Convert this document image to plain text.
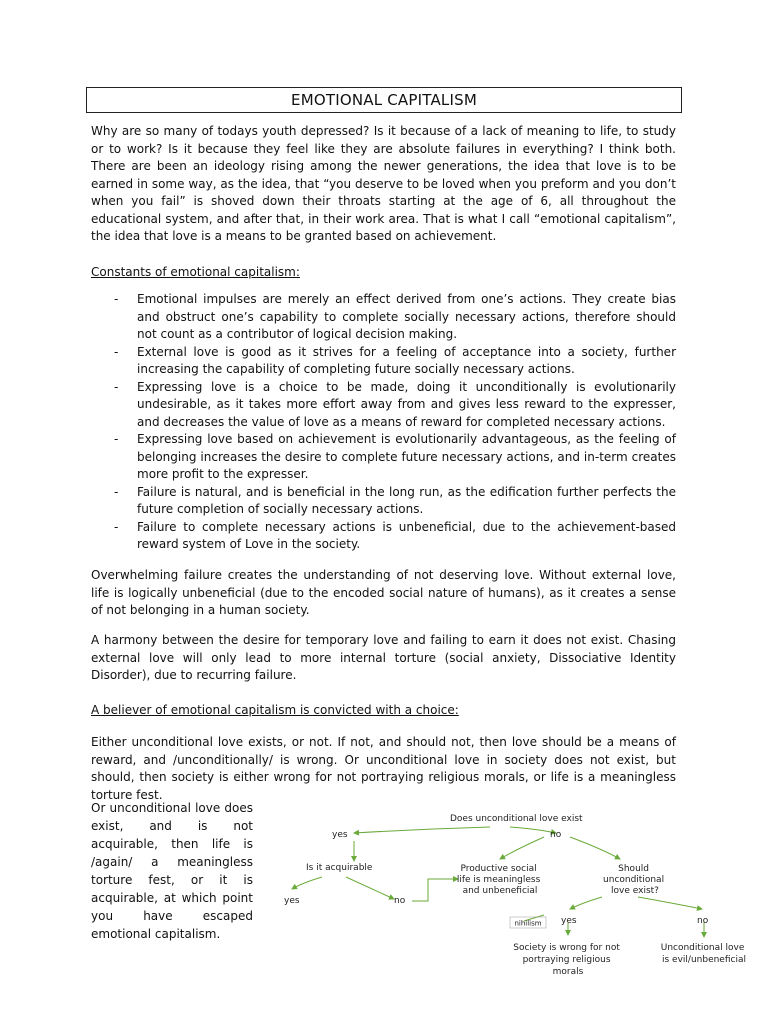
EMOTIONAL CAPITALISM

Why are so many of todays youth depressed? Is it because of a lack of meaning to life, to study or to work? Is it because they feel like they are absolute failures in everything? I think both. There are been an ideology rising among the newer generations, the idea that love is to be earned in some way, as the idea, that “you deserve to be loved when you preform and you don’t when you fail” is shoved down their throats starting at the age of 6, all throughout the educational system, and after that, in their work area. That is what I call “emotional capitalism”, the idea that love is a means to be granted based on achievement.

Constants of emotional capitalism:

- Emotional impulses are merely an effect derived from one’s actions. They create bias and obstruct one’s capability to complete socially necessary actions, therefore should not count as a contributor of logical decision making.
- External love is good as it strives for a feeling of acceptance into a society, further increasing the capability of completing future socially necessary actions.
- Expressing love is a choice to be made, doing it unconditionally is evolutionarily undesirable, as it takes more effort away from and gives less reward to the expresser, and decreases the value of love as a means of reward for completed necessary actions.
- Expressing love based on achievement is evolutionarily advantageous, as the feeling of belonging increases the desire to complete future necessary actions, and in-term creates more profit to the expresser.
- Failure is natural, and is beneficial in the long run, as the edification further perfects the future completion of socially necessary actions.
- Failure to complete necessary actions is unbeneficial, due to the achievement-based reward system of Love in the society.

Overwhelming failure creates the understanding of not deserving love. Without external love, life is logically unbeneficial (due to the encoded social nature of humans), as it creates a sense of not belonging in a human society.

A harmony between the desire for temporary love and failing to earn it does not exist. Chasing external love will only lead to more internal torture (social anxiety, Dissociative Identity Disorder), due to recurring failure.

A believer of emotional capitalism is convicted with a choice:

Either unconditional love exists, or not. If not, and should not, then love should be a means of reward, and /unconditionally/ is wrong. Or unconditional love in society does not exist, but should, then society is either wrong for not portraying religious morals, or life is a meaningless torture fest.

Or unconditional love does exist, and is not acquirable, then life is /again/ a meaningless torture fest, or it is acquirable, at which point you have escaped emotional capitalism.

Does unconditional love exist
yes	no
Is it acquirable
yes	no
Productive social life is meaningless and unbeneficial
Should unconditional love exist?
nihilism yes	no
Society is wrong for not portraying religious morals
Unconditional love is evil/unbeneficial
